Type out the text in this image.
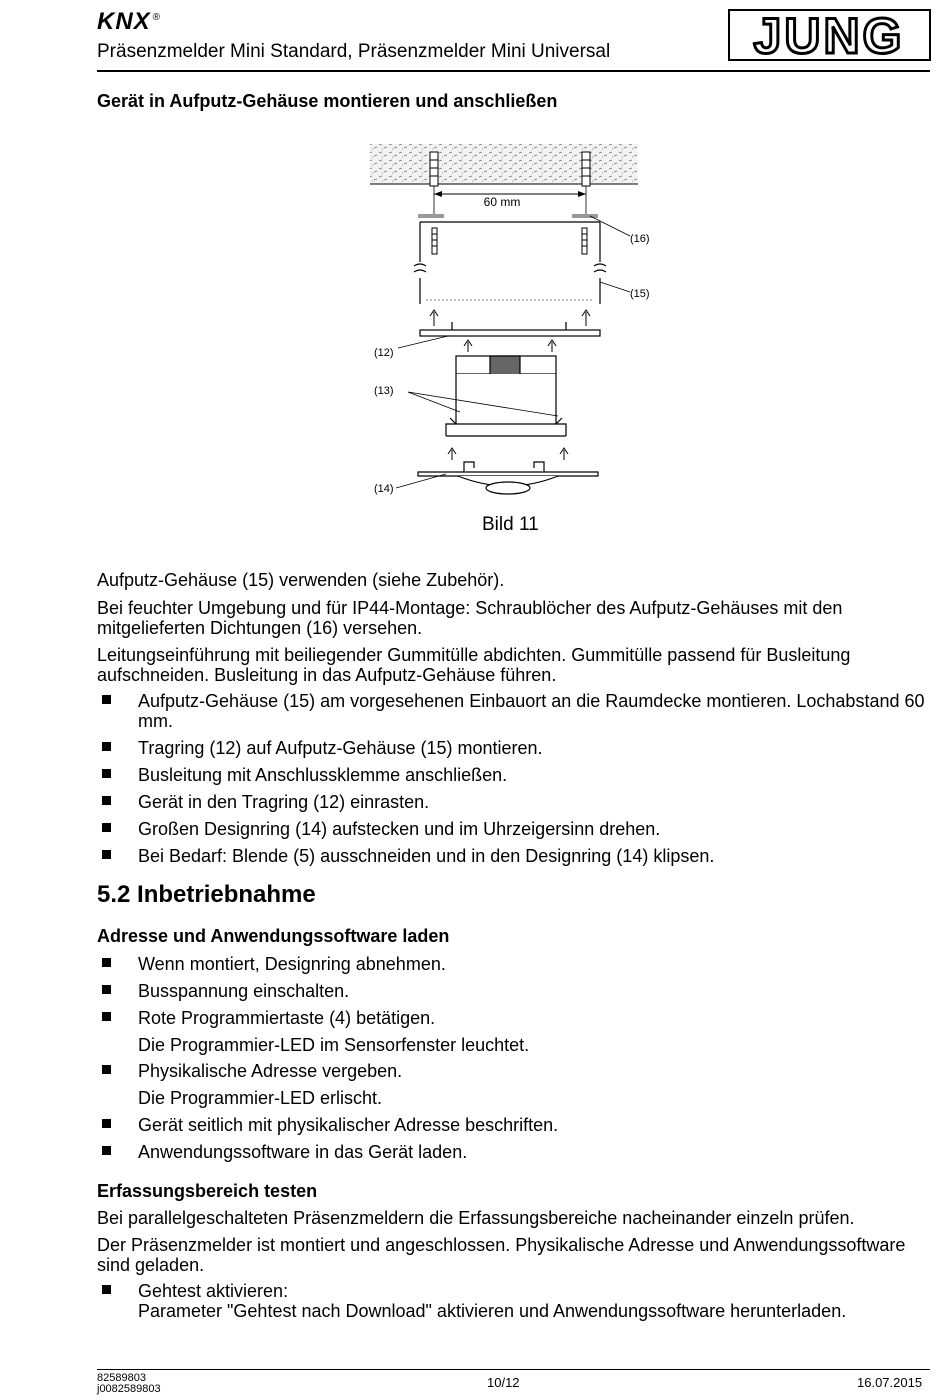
KNX ®
Präsenzmelder Mini Standard, Präsenzmelder Mini Universal	JUNG
Gerät in Aufputz-Gehäuse montieren und anschließen
60 mm
(16)
(15)
(12)
(13)
(14)
Bild 11
Aufputz-Gehäuse (15) verwenden (siehe Zubehör).
Bei feuchter Umgebung und für IP44-Montage: Schraublöcher des Aufputz-Gehäuses mit den mitgelieferten Dichtungen (16) versehen.
Leitungseinführung mit beiliegender Gummitülle abdichten. Gummitülle passend für Busleitung aufschneiden. Busleitung in das Aufputz-Gehäuse führen.
Aufputz-Gehäuse (15) am vorgesehenen Einbauort an die Raumdecke montieren. Lochabstand 60 mm.
Tragring (12) auf Aufputz-Gehäuse (15) montieren.
Busleitung mit Anschlussklemme anschließen.
Gerät in den Tragring (12) einrasten.
Großen Designring (14) aufstecken und im Uhrzeigersinn drehen.
Bei Bedarf: Blende (5) ausschneiden und in den Designring (14) klipsen.
5.2 Inbetriebnahme
Adresse und Anwendungssoftware laden
Wenn montiert, Designring abnehmen.
Busspannung einschalten.
Rote Programmiertaste (4) betätigen.
Die Programmier-LED im Sensorfenster leuchtet.
Physikalische Adresse vergeben.
Die Programmier-LED erlischt.
Gerät seitlich mit physikalischer Adresse beschriften.
Anwendungssoftware in das Gerät laden.
Erfassungsbereich testen
Bei parallelgeschalteten Präsenzmeldern die Erfassungsbereiche nacheinander einzeln prüfen.
Der Präsenzmelder ist montiert und angeschlossen. Physikalische Adresse und Anwendungssoftware sind geladen.
Gehtest aktivieren:
Parameter "Gehtest nach Download" aktivieren und Anwendungssoftware herunterladen.
82589803
j0082589803	10/12	16.07.2015
